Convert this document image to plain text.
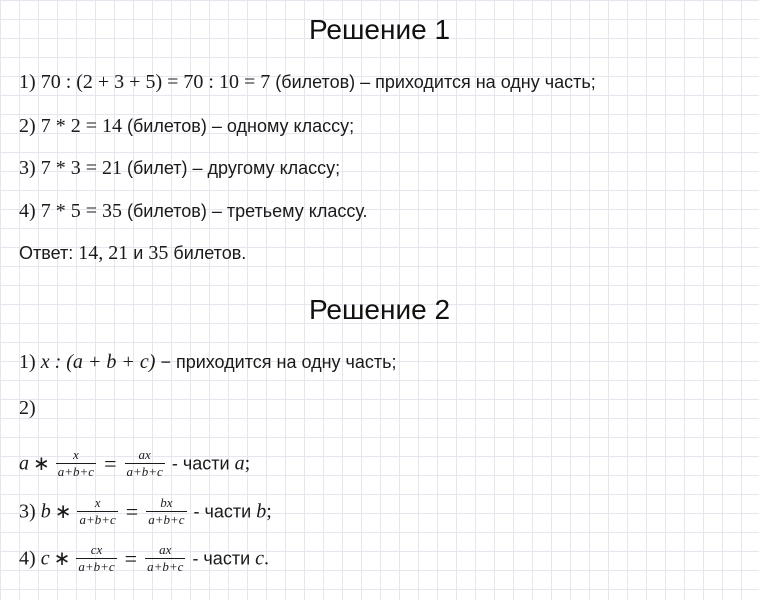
Решение 1
1) 70 : (2 + 3 + 5) = 70 : 10 = 7 (билетов) – приходится на одну часть;
2) 7 * 2 = 14 (билетов) – одному классу;
3) 7 * 3 = 21 (билет) – другому классу;
4) 7 * 5 = 35 (билетов) – третьему классу.
Ответ: 14, 21 и 35 билетов.
Решение 2
1) x : (a + b + c) − приходится на одну часть;
2)
a ∗ $\frac{x}{a+b+c} = \frac{ax}{a+b+c}$ - части a;
3) b ∗ $\frac{x}{a+b+c} = \frac{bx}{a+b+c}$ - части b;
4) c ∗ $\frac{cx}{a+b+c} = \frac{ax}{a+b+c}$ - части c.
